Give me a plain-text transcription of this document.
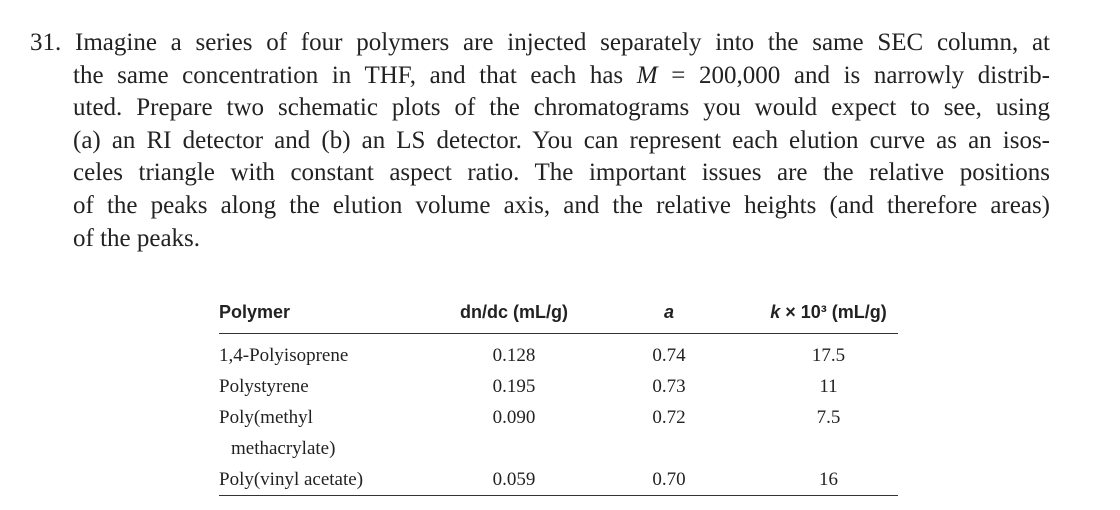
31. Imagine a series of four polymers are injected separately into the same SEC column, at
the same concentration in THF, and that each has M = 200,000 and is narrowly distrib-
uted. Prepare two schematic plots of the chromatograms you would expect to see, using
(a) an RI detector and (b) an LS detector. You can represent each elution curve as an isos-
celes triangle with constant aspect ratio. The important issues are the relative positions
of the peaks along the elution volume axis, and the relative heights (and therefore areas)
of the peaks.
Polymer	dn/dc (mL/g)	a	k × 10³ (mL/g)
1,4-Polyisoprene	0.128	0.74	17.5
Polystyrene	0.195	0.73	11
Poly(methyl	0.090	0.72	7.5

methacrylate)			

Poly(vinyl acetate)	0.059	0.70	16
